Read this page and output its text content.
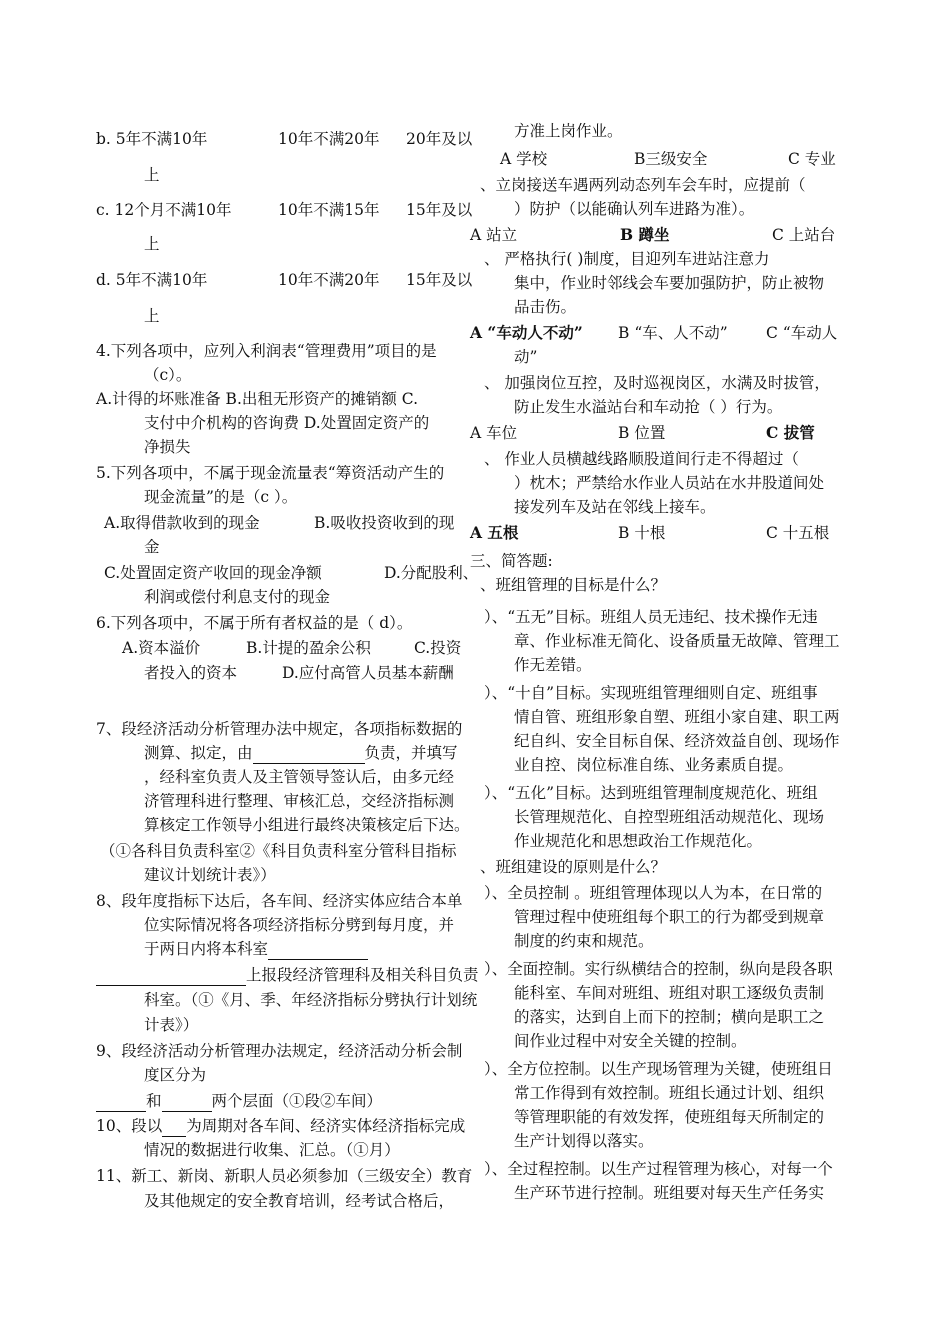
b. 5年不满10年	10年不满20年 20年及以
上
c. 12个月不满10年	10年不满15年 15年及以
上
d. 5年不满10年	10年不满20年 15年及以
上
4.下列各项中，应列入利润表“管理费用”项目的是
（c）。
A.计得的坏账准备 B.出租无形资产的摊销额 C.
支付中介机构的咨询费 D.处置固定资产的
净损失
5.下列各项中，不属于现金流量表“筹资活动产生的
现金流量”的是（c ）。
A.取得借款收到的现金	B.吸收投资收到的现
金
C.处置固定资产收回的现金净额	D.分配股利、
利润或偿付利息支付的现金
6.下列各项中，不属于所有者权益的是（ d）。
A.资本溢价	B.计提的盈余公积	C.投资
者投入的资本	D.应付高管人员基本薪酬
7、段经济活动分析管理办法中规定，各项指标数据的
测算、拟定，由	负责，并填写
，经科室负责人及主管领导签认后，由多元经
济管理科进行整理、审核汇总，交经济指标测
算核定工作领导小组进行最终决策核定后下达。
（①各科目负责科室②《科目负责科室分管科目指标
建议计划统计表》）
8、段年度指标下达后，各车间、经济实体应结合本单
位实际情况将各项经济指标分劈到每月度，并
于两日内将本科室
上报段经济管理科及相关科目负责
科室。（①《月、季、年经济指标分劈执行计划统
计表》）
9、段经济活动分析管理办法规定，经济活动分析会制
度区分为
和	两个层面（①段②车间）
10、段以 为周期对各车间、经济实体经济指标完成
情况的数据进行收集、汇总。（①月）
11、新工、新岗、新职人员必须参加（三级安全）教育
及其他规定的安全教育培训，经考试合格后，
方准上岗作业。
A 学校	B三级安全	C 专业
、立岗接送车遇两列动态列车会车时，应提前（
）防护（以能确认列车进路为准）。
A 站立	B 蹲坐	C 上站台
、 严格执行( )制度，目迎列车进站注意力
集中，作业时邻线会车要加强防护，防止被物
品击伤。
A “车动人不动” B “车、人不动” C “车动人
动”
、 加强岗位互控，及时巡视岗区，水满及时拔管，
防止发生水溢站台和车动抢（ ）行为。
A 车位	B 位置	C 拔管
、 作业人员横越线路顺股道间行走不得超过（
）枕木；严禁给水作业人员站在水井股道间处
接发列车及站在邻线上接车。
A 五根	B 十根	C 十五根
三、简答题:
、班组管理的目标是什么？
）、“五无”目标。班组人员无违纪、技术操作无违
章、作业标准无简化、设备质量无故障、管理工
作无差错。
）、“十自”目标。实现班组管理细则自定、班组事
情自管、班组形象自塑、班组小家自建、职工两
纪自纠、安全目标自保、经济效益自创、现场作
业自控、岗位标准自练、业务素质自提。
）、“五化”目标。达到班组管理制度规范化、班组
长管理规范化、自控型班组活动规范化、现场
作业规范化和思想政治工作规范化。
、班组建设的原则是什么？
）、全员控制 。班组管理体现以人为本，在日常的
管理过程中使班组每个职工的行为都受到规章
制度的约束和规范。
）、全面控制。实行纵横结合的控制，纵向是段各职
能科室、车间对班组、班组对职工逐级负责制
的落实，达到自上而下的控制；横向是职工之
间作业过程中对安全关键的控制。
）、全方位控制。以生产现场管理为关键，使班组日
常工作得到有效控制。班组长通过计划、组织
等管理职能的有效发挥，使班组每天所制定的
生产计划得以落实。
）、全过程控制。以生产过程管理为核心，对每一个
生产环节进行控制。班组要对每天生产任务实
